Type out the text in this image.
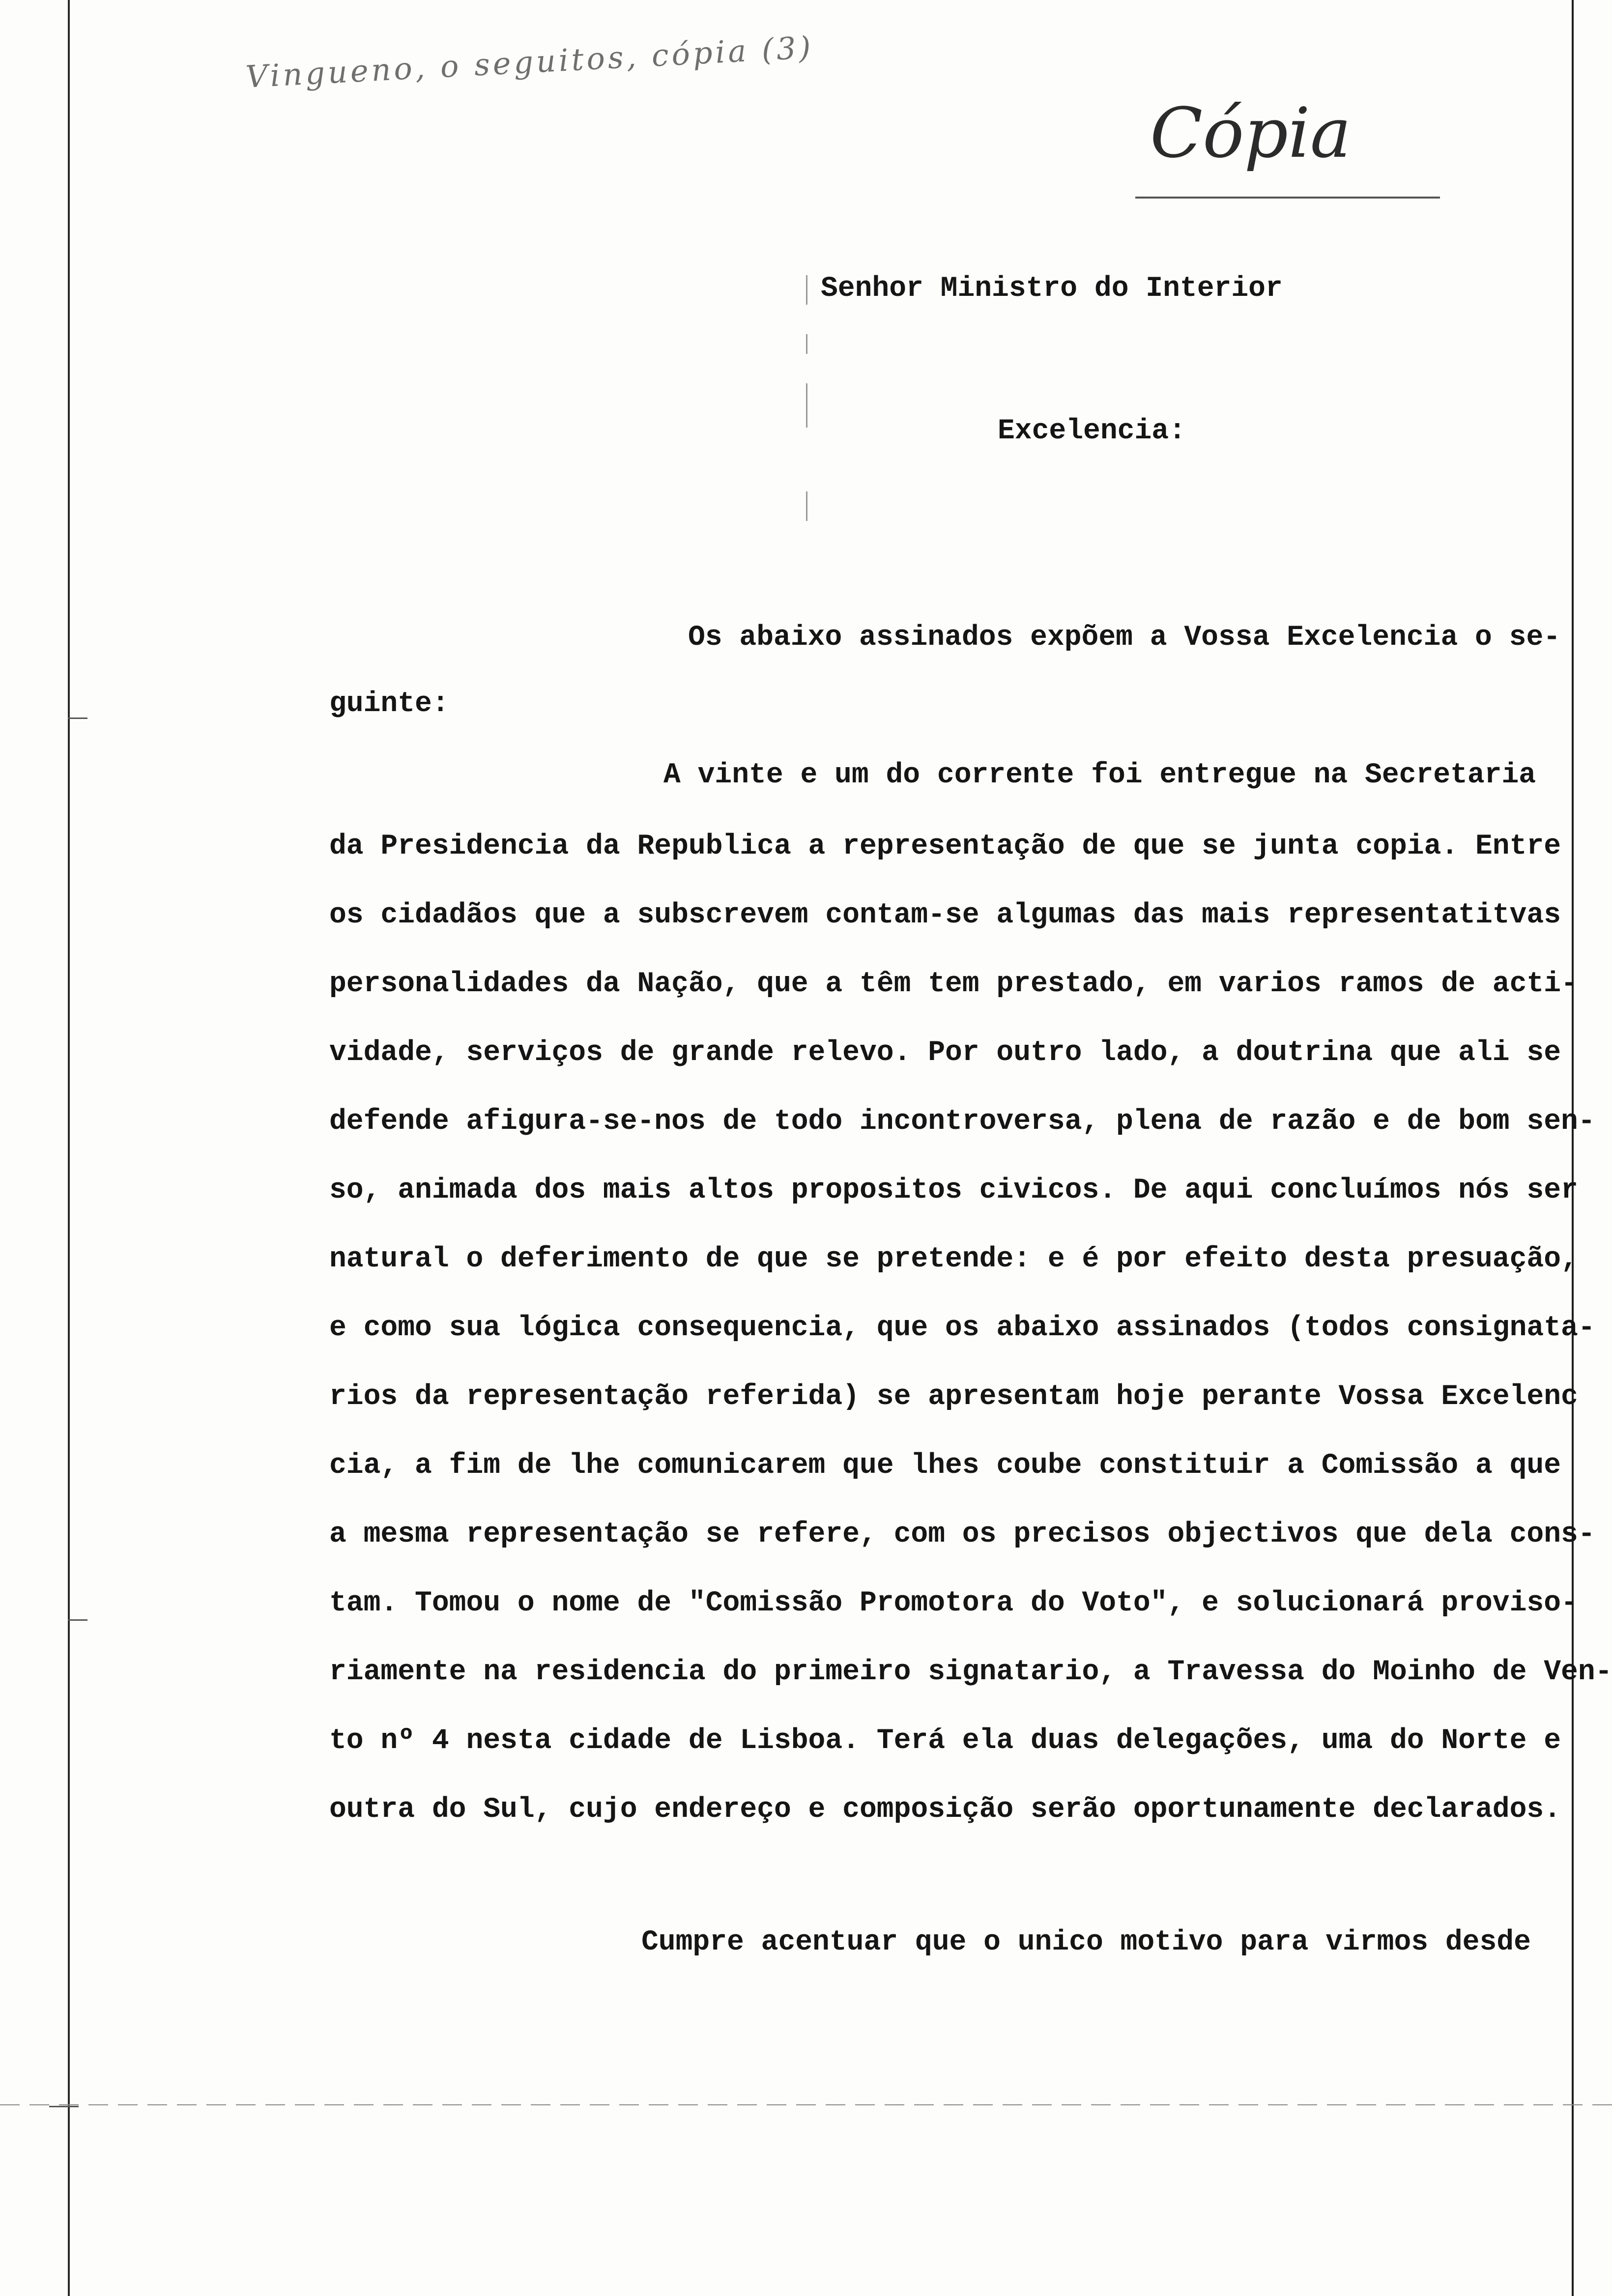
Vingueno, o seguitos, cópia (3)
Cópia
Senhor Ministro do Interior
Excelencia:
Os abaixo assinados expõem a Vossa Excelencia o se-
guinte:
A vinte e um do corrente foi entregue na Secretaria
da Presidencia da Republica a representação de que se junta copia. Entre
os cidadãos que a subscrevem contam-se algumas das mais representatitvas
personalidades da Nação, que a têm tem prestado, em varios ramos de acti-
vidade, serviços de grande relevo. Por outro lado, a doutrina que ali se
defende afigura-se-nos de todo incontroversa, plena de razão e de bom sen-
so, animada dos mais altos propositos civicos. De aqui concluímos nós ser
natural o deferimento de que se pretende: e é por efeito desta presuação,
e como sua lógica consequencia, que os abaixo assinados (todos consignata-
rios da representação referida) se apresentam hoje perante Vossa Excelenc
cia, a fim de lhe comunicarem que lhes coube constituir a Comissão a que
a mesma representação se refere, com os precisos objectivos que dela cons-
tam. Tomou o nome de "Comissão Promotora do Voto", e solucionará proviso-
riamente na residencia do primeiro signatario, a Travessa do Moinho de Ven-
to nº 4 nesta cidade de Lisboa. Terá ela duas delegações, uma do Norte e
outra do Sul, cujo endereço e composição serão oportunamente declarados.
Cumpre acentuar que o unico motivo para virmos desde
